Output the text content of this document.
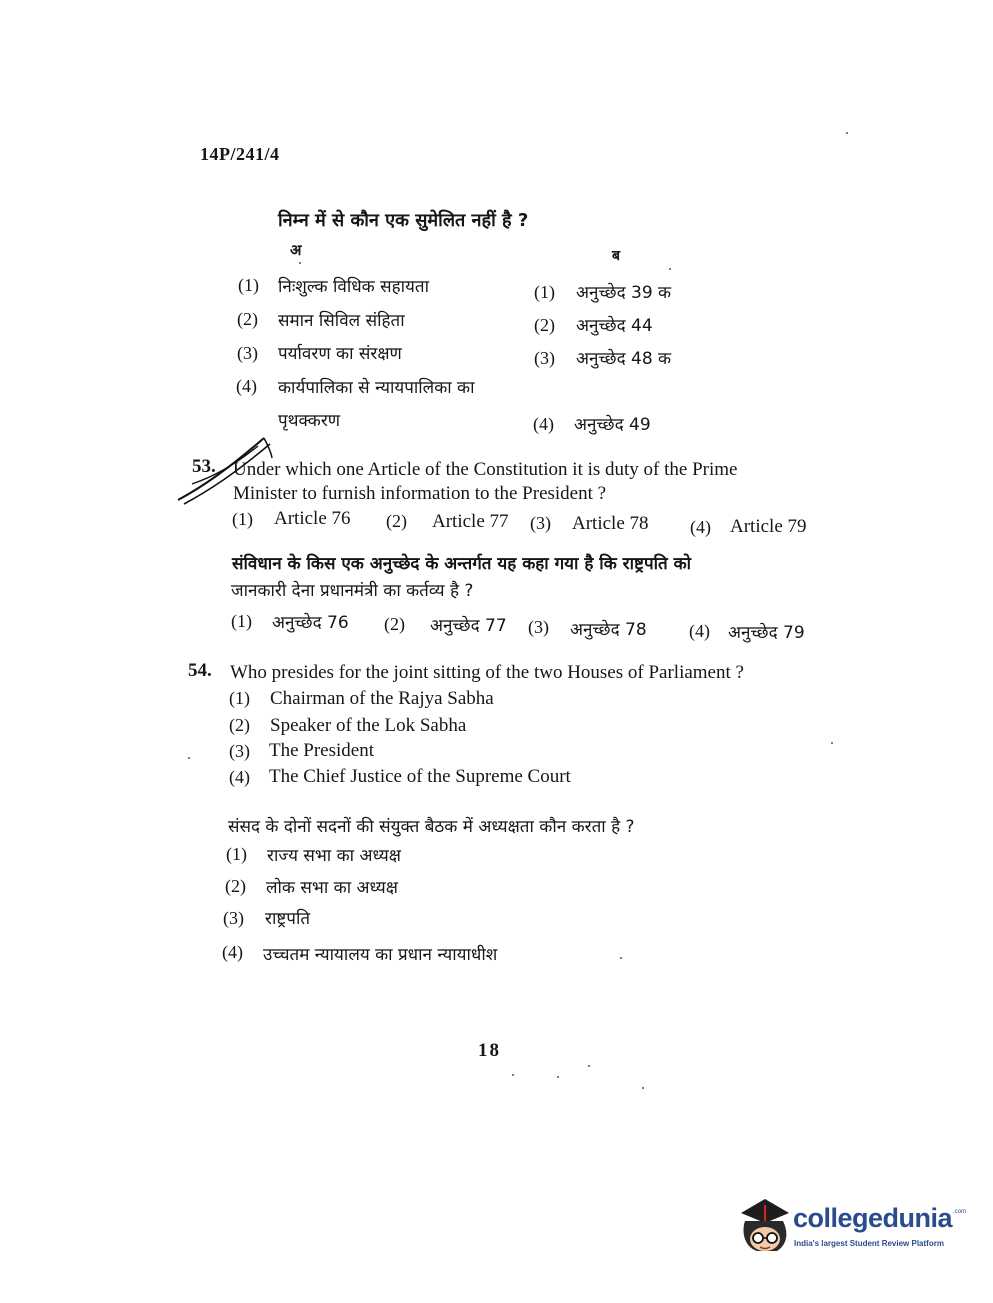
14P/241/4
निम्न में से कौन एक सुमेलित नहीं है ?
अ	ब
(1) निःशुल्क विधिक सहायता
(2) समान सिविल संहिता
(3) पर्यावरण का संरक्षण
(4) कार्यपालिका से न्यायपालिका का
पृथक्करण
(1) अनुच्छेद 39 क
(2) अनुच्छेद 44
(3) अनुच्छेद 48 क
(4) अनुच्छेद 49
53. Under which one Article of the Constitution it is duty of the Prime
Minister to furnish information to the President ?
(1) Article 76 (2) Article 77 (3) Article 78 (4) Article 79
संविधान के किस एक अनुच्छेद के अन्तर्गत यह कहा गया है कि राष्ट्रपति को
जानकारी देना प्रधानमंत्री का कर्तव्य है ?
(1) अनुच्छेद 76 (2) अनुच्छेद 77 (3) अनुच्छेद 78 (4) अनुच्छेद 79
54. Who presides for the joint sitting of the two Houses of Parliament ?
(1) Chairman of the Rajya Sabha
(2) Speaker of the Lok Sabha
(3) The President
(4) The Chief Justice of the Supreme Court
संसद के दोनों सदनों की संयुक्त बैठक में अध्यक्षता कौन करता है ?
(1) राज्य सभा का अध्यक्ष
(2) लोक सभा का अध्यक्ष
(3) राष्ट्रपति
(4) उच्चतम न्यायालय का प्रधान न्यायाधीश
18
collegedunia .com
India's largest Student Review Platform
